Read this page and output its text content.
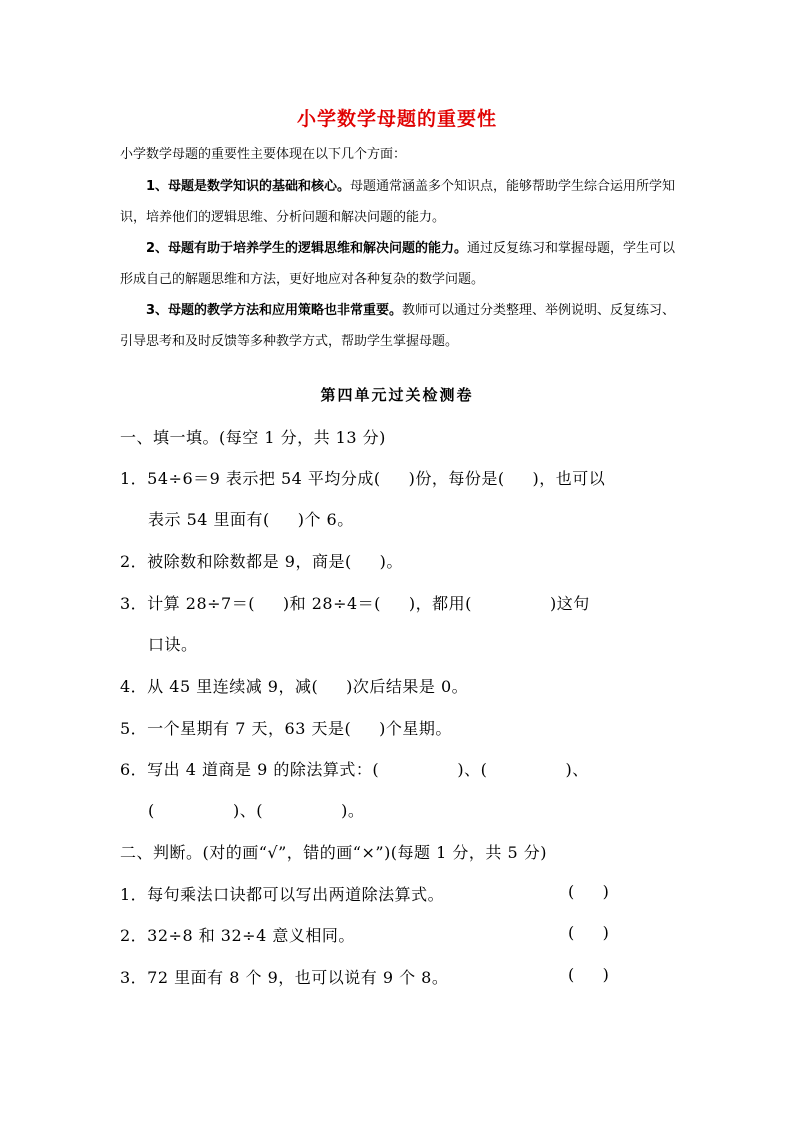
小学数学母题的重要性
小学数学母题的重要性主要体现在以下几个方面：
1、母题是数学知识的基础和核心。母题通常涵盖多个知识点，能够帮助学生综合运用所学知识，培养他们的逻辑思维、分析问题和解决问题的能力。
2、母题有助于培养学生的逻辑思维和解决问题的能力。通过反复练习和掌握母题，学生可以形成自己的解题思维和方法，更好地应对各种复杂的数学问题。
3、母题的教学方法和应用策略也非常重要。教师可以通过分类整理、举例说明、反复练习、引导思考和及时反馈等多种教学方式，帮助学生掌握母题。
第四单元过关检测卷
一、填一填。(每空 1 分，共 13 分)
1．54÷6＝9 表示把 54 平均分成(     )份，每份是(     )，也可以
表示 54 里面有(     )个 6。
2．被除数和除数都是 9，商是(     )。
3．计算 28÷7＝(     )和 28÷4＝(     )，都用(              )这句
口诀。
4．从 45 里连续减 9，减(     )次后结果是 0。
5．一个星期有 7 天，63 天是(     )个星期。
6．写出 4 道商是 9 的除法算式：(              )、(              )、
(              )、(              )。
二、判断。(对的画“√”，错的画“×”)(每题 1 分，共 5 分)
1．每句乘法口诀都可以写出两道除法算式。	(     )
2．32÷8 和 32÷4 意义相同。	(     )
3．72 里面有 8 个 9，也可以说有 9 个 8。	(     )
